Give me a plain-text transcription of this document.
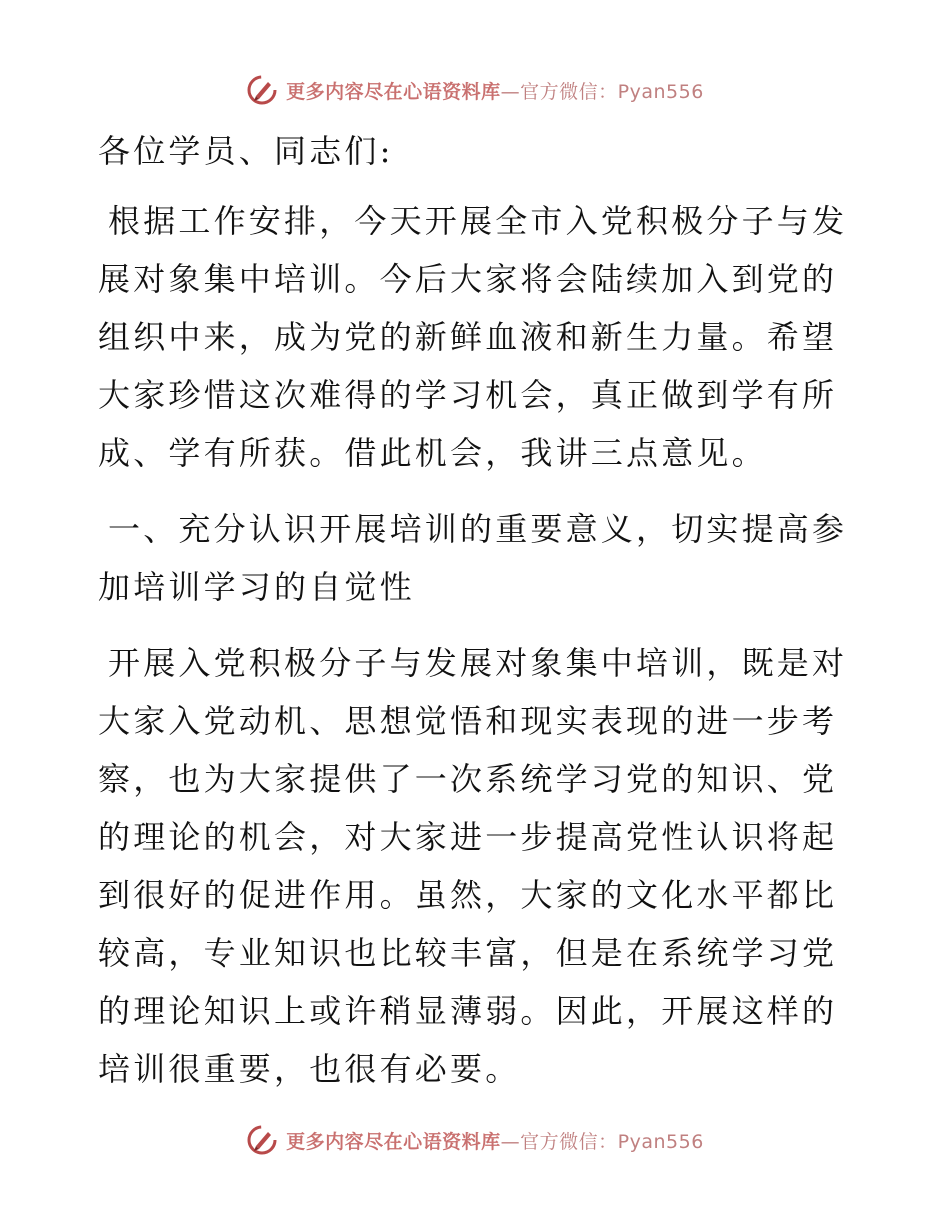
更多内容尽在心语资料库—官方微信：Pyan556

各位学员、同志们:

根据工作安排，今天开展全市入党积极分子与发展对象集中培训。今后大家将会陆续加入到党的组织中来，成为党的新鲜血液和新生力量。希望大家珍惜这次难得的学习机会，真正做到学有所成、学有所获。借此机会，我讲三点意见。

一、充分认识开展培训的重要意义，切实提高参加培训学习的自觉性

开展入党积极分子与发展对象集中培训，既是对大家入党动机、思想觉悟和现实表现的进一步考察，也为大家提供了一次系统学习党的知识、党的理论的机会，对大家进一步提高党性认识将起到很好的促进作用。虽然，大家的文化水平都比较高，专业知识也比较丰富，但是在系统学习党的理论知识上或许稍显薄弱。因此，开展这样的培训很重要，也很有必要。

更多内容尽在心语资料库—官方微信：Pyan556
